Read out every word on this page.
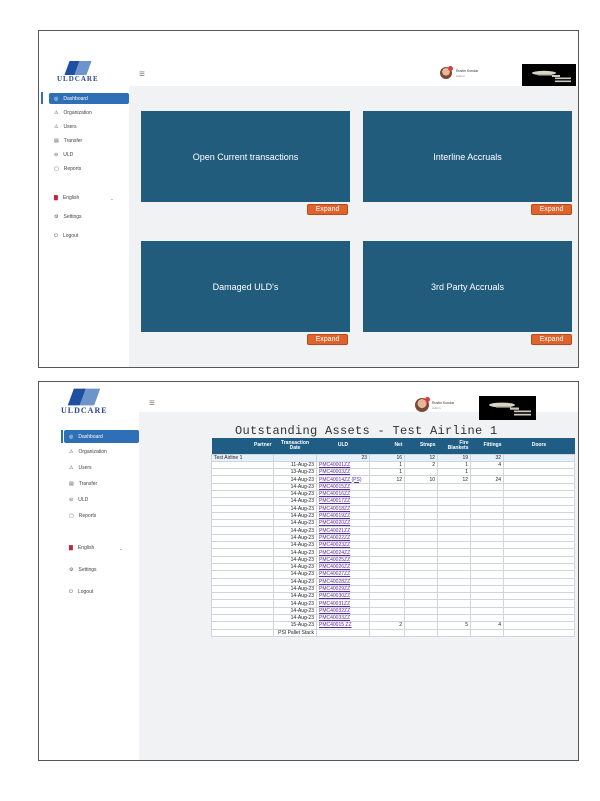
ULDCARE
◎ Dashboard
⚠ Organization
⚠ Users
▤ Transfer
⊖ ULD
▢ Reports
▇ English	⌄
⚙ Settings
⏻ Logout
≡	Rustin Kondar
Admin
Open Current transactions
Expand
Interline Accruals
Expand
Damaged ULD's
Expand
3rd Party Accruals
Expand
ULDCARE
◎ Dashboard
⚠ Organization
⚠ Users
▤ Transfer
⊖ ULD
▢ Reports
▇ English	⌄
⚙ Settings
⏻ Logout
≡	Rustin Kondar
Admin
Outstanding Assets - Test Airline 1
Partner	Transaction Date	ULD	Net	Straps	Fire Blankets	Fittings	Doors
Test Airline 1		23	16	12	19	32	
	11-Aug-23	PMC40001ZZ	1	2	1	4	
	13-Aug-23	PMC40003ZZ	1		1		
	14-Aug-23	PMC40014ZZ (PS)	12	10	12	24	
	14-Aug-23	PMC40015ZZ					
	14-Aug-23	PMC40016ZZ					
	14-Aug-23	PMC40017ZZ					
	14-Aug-23	PMC40018ZZ					
	14-Aug-23	PMC40019ZZ					
	14-Aug-23	PMC40020ZZ					
	14-Aug-23	PMC40021ZZ					
	14-Aug-23	PMC40022ZZ					
	14-Aug-23	PMC40023ZZ					
	14-Aug-23	PMC40024ZZ					
	14-Aug-23	PMC40025ZZ					
	14-Aug-23	PMC40026ZZ					
	14-Aug-23	PMC40027ZZ					
	14-Aug-23	PMC40028ZZ					
	14-Aug-23	PMC40029ZZ					
	14-Aug-23	PMC40030ZZ					
	14-Aug-23	PMC40031ZZ					
	14-Aug-23	PMC40032ZZ					
	14-Aug-23	PMC40033ZZ					
	15-Aug-23	PMC40015 ZZ	2		5	4	
	PSI Pallet Stack						
